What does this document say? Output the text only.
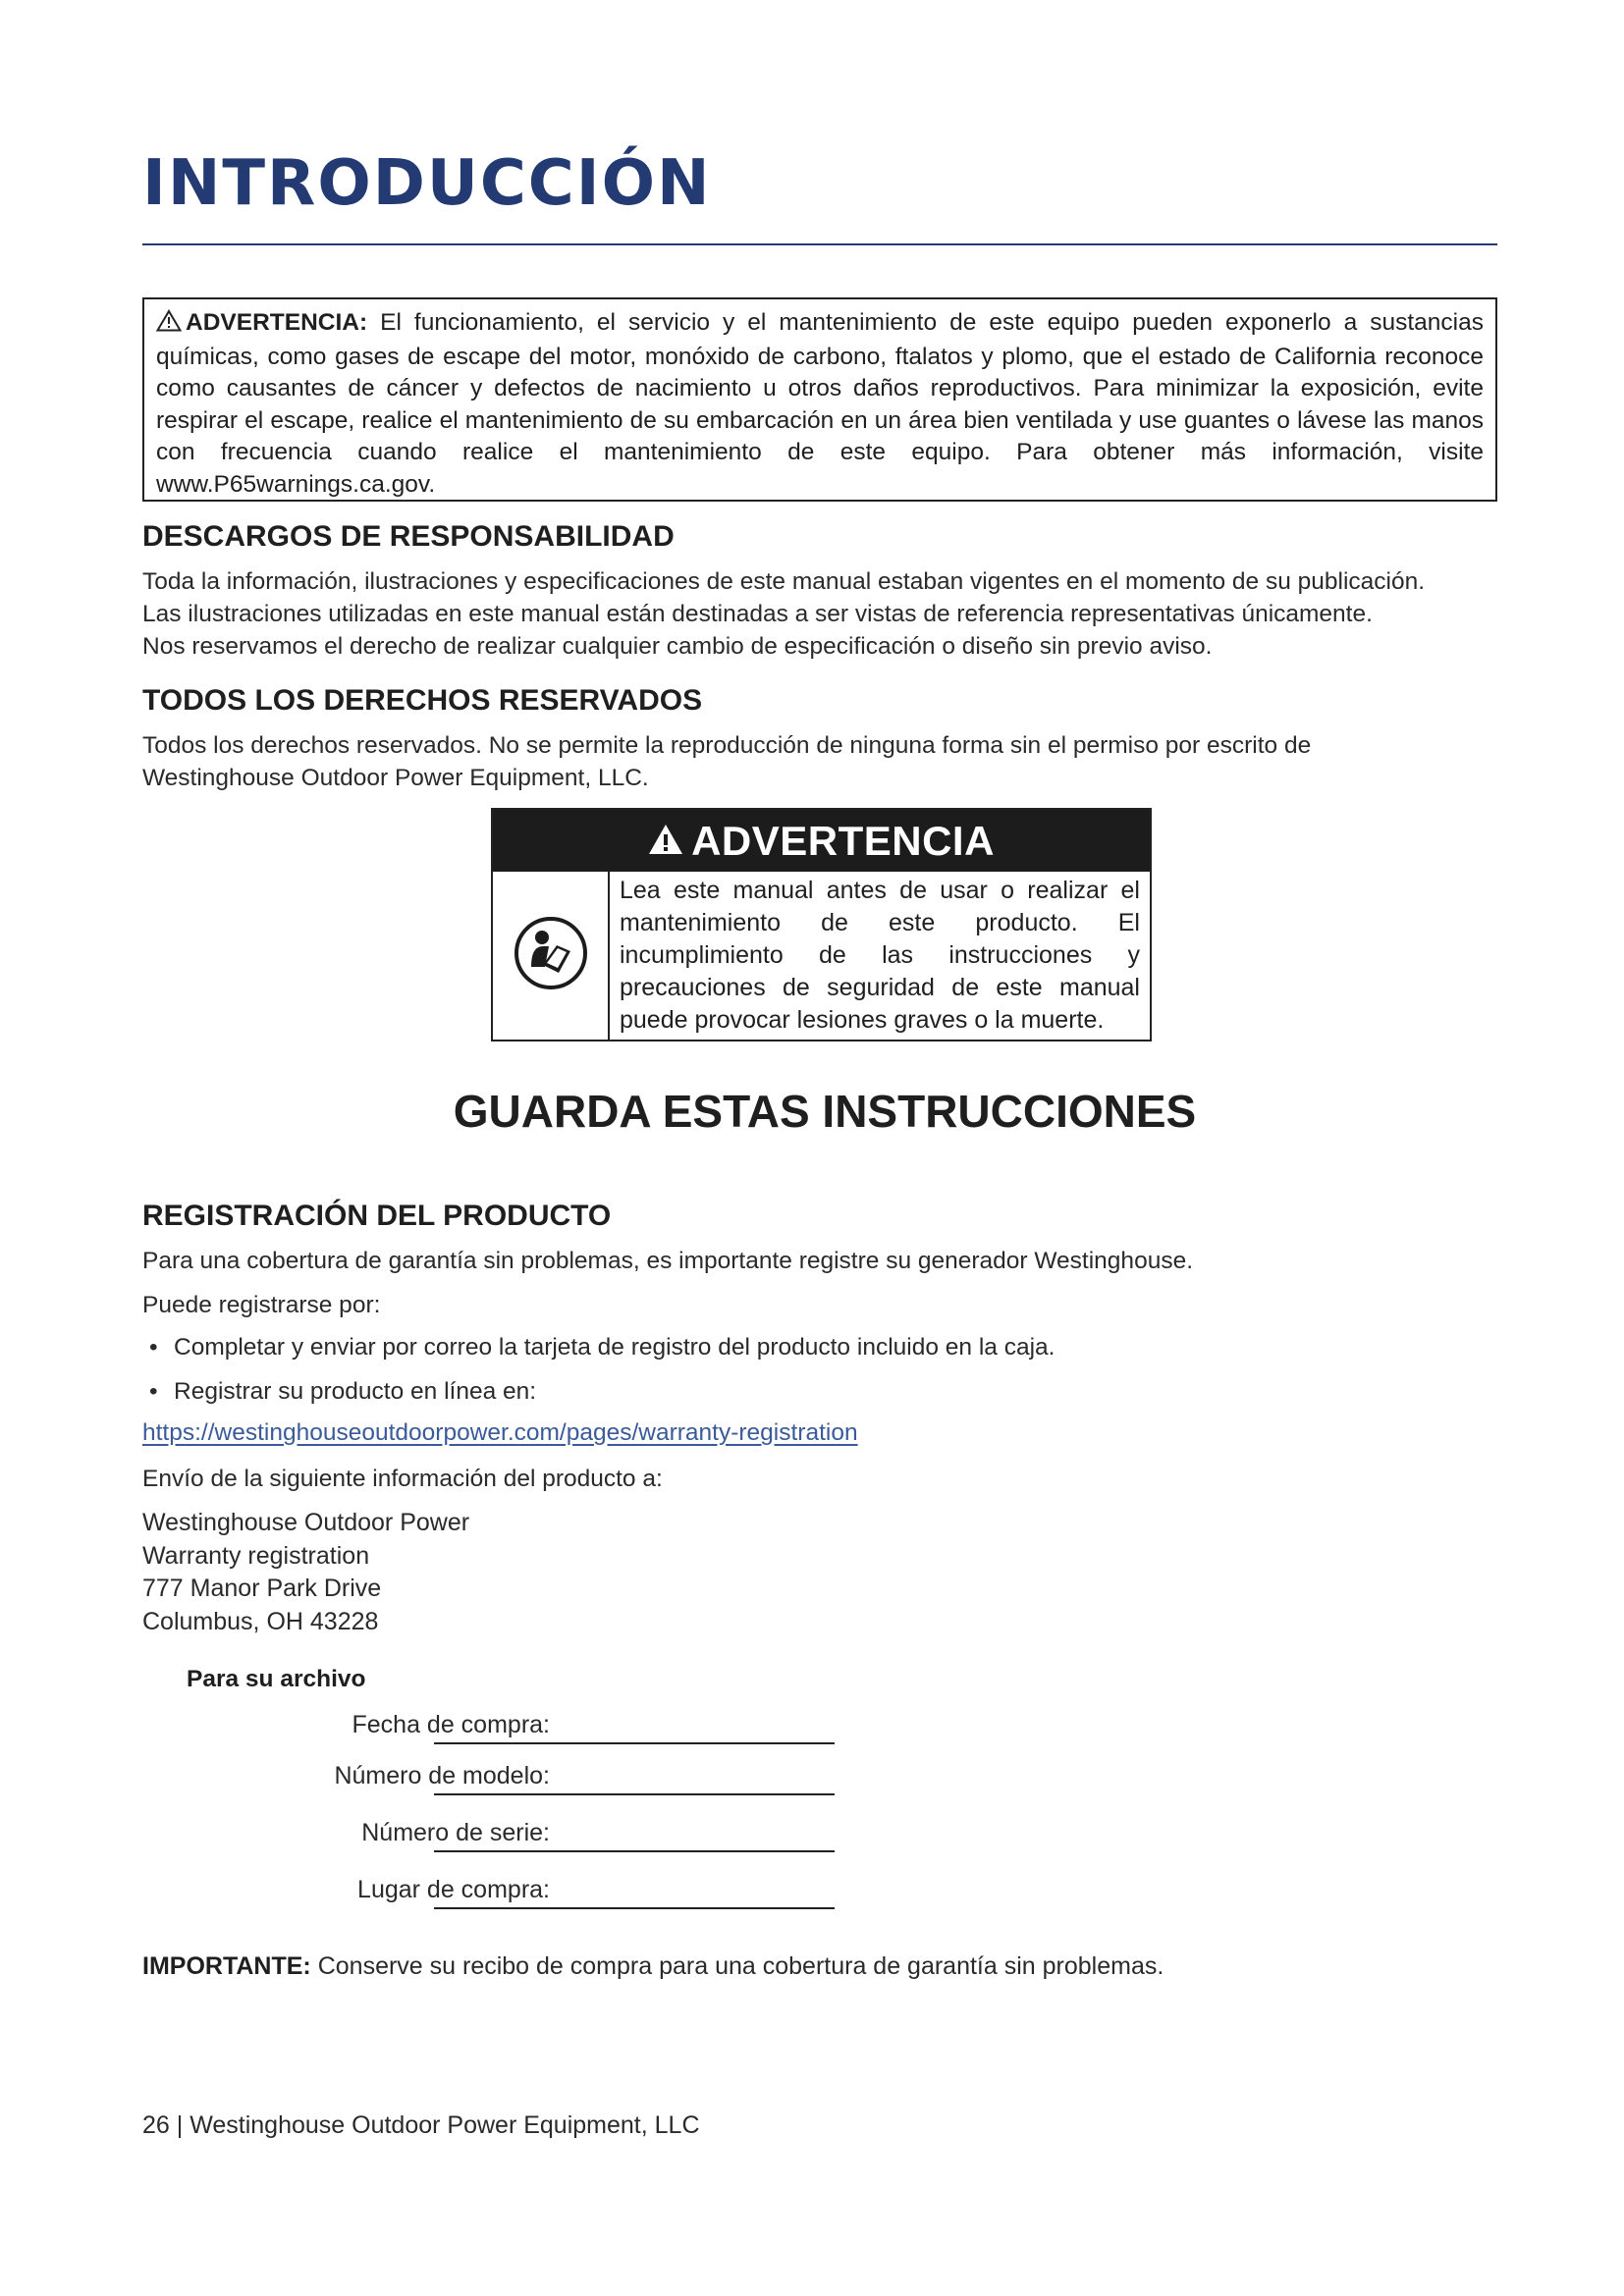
INTRODUCCIÓN
ADVERTENCIA: El funcionamiento, el servicio y el mantenimiento de este equipo pueden exponerlo a sustancias químicas, como gases de escape del motor, monóxido de carbono, ftalatos y plomo, que el estado de California reconoce como causantes de cáncer y defectos de nacimiento u otros daños reproductivos. Para minimizar la exposición, evite respirar el escape, realice el mantenimiento de su embarcación en un área bien ventilada y use guantes o lávese las manos con frecuencia cuando realice el mantenimiento de este equipo. Para obtener más información, visite www.P65warnings.ca.gov.
DESCARGOS DE RESPONSABILIDAD

Toda la información, ilustraciones y especificaciones de este manual estaban vigentes en el momento de su publicación.

Las ilustraciones utilizadas en este manual están destinadas a ser vistas de referencia representativas únicamente.

Nos reservamos el derecho de realizar cualquier cambio de especificación o diseño sin previo aviso.

TODOS LOS DERECHOS RESERVADOS

Todos los derechos reservados. No se permite la reproducción de ninguna forma sin el permiso por escrito de

Westinghouse Outdoor Power Equipment, LLC.

ADVERTENCIA
Lea este manual antes de usar o realizar el mantenimiento de este producto. El incumplimiento de las instrucciones y precauciones de seguridad de este manual puede provocar lesiones graves o la muerte.
GUARDA ESTAS INSTRUCCIONES
REGISTRACIÓN DEL PRODUCTO

Para una cobertura de garantía sin problemas, es importante registre su generador Westinghouse.

Puede registrarse por:

• Completar y enviar por correo la tarjeta de registro del producto incluido en la caja.

• Registrar su producto en línea en:

https://westinghouseoutdoorpower.com/pages/warranty-registration

Envío de la siguiente información del producto a:

Westinghouse Outdoor Power
Warranty registration
777 Manor Park Drive
Columbus, OH 43228

Para su archivo

Fecha de compra:
Número de modelo:
Número de serie:
Lugar de compra:

IMPORTANTE: Conserve su recibo de compra para una cobertura de garantía sin problemas.

26 | Westinghouse Outdoor Power Equipment, LLC
